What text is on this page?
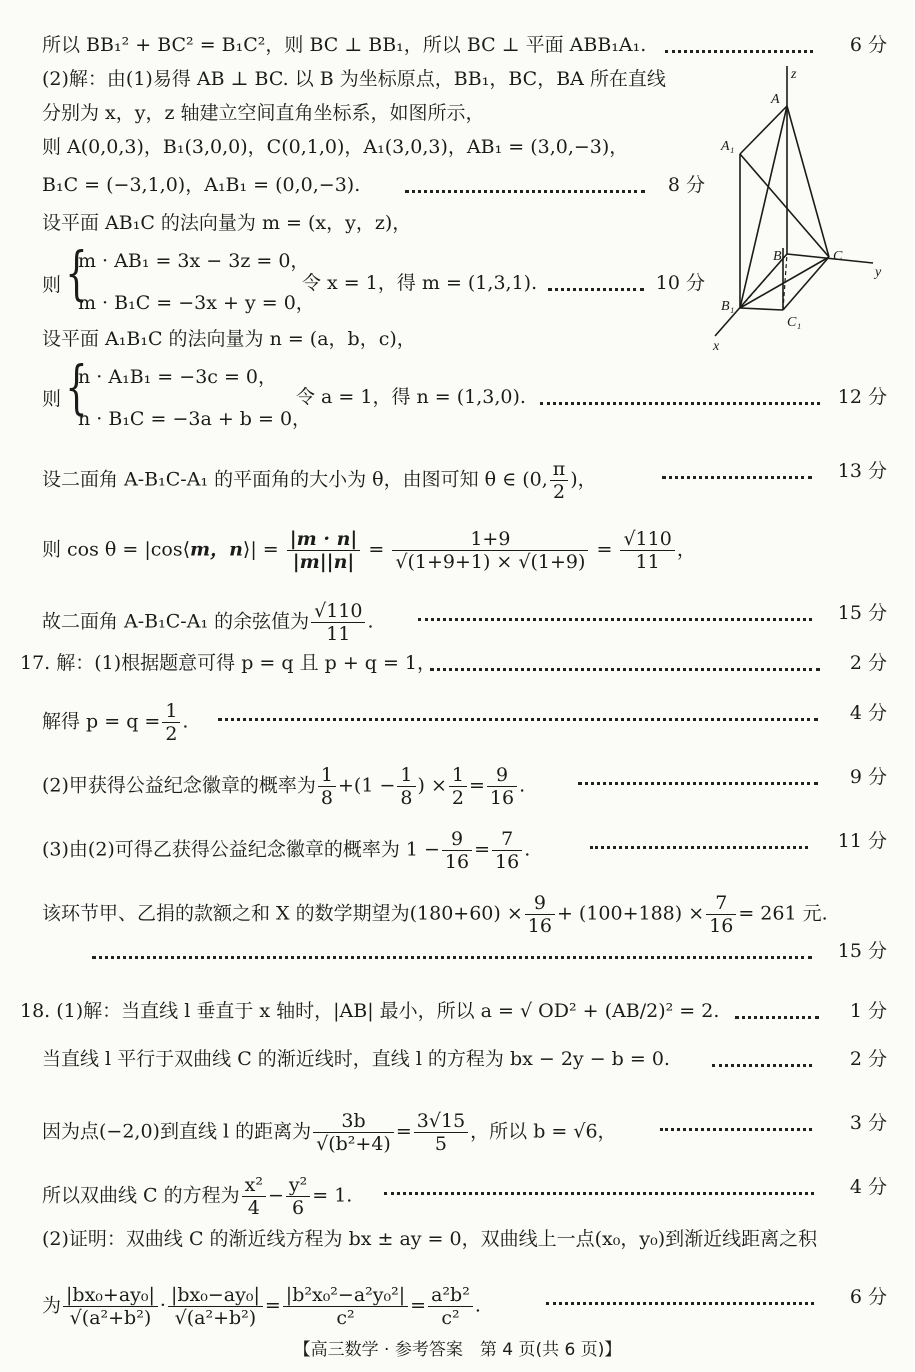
所以 BB₁² + BC² = B₁C²，则 BC ⊥ BB₁，所以 BC ⊥ 平面 ABB₁A₁.	6 分
(2)解：由(1)易得 AB ⊥ BC. 以 B 为坐标原点，BB₁，BC，BA 所在直线
分别为 x，y，z 轴建立空间直角坐标系，如图所示，
则 A(0,0,3)，B₁(3,0,0)，C(0,1,0)，A₁(3,0,3)，AB₁ = (3,0,−3)，
B₁C = (−3,1,0)，A₁B₁ = (0,0,−3).	8 分
设平面 AB₁C 的法向量为 m = (x，y，z)，
则 {
m · AB₁ = 3x − 3z = 0，
m · B₁C = −3x + y = 0，
令 x = 1，得 m = (1,3,1).	10 分
设平面 A₁B₁C 的法向量为 n = (a，b，c)，
则 {
n · A₁B₁ = −3c = 0，
n · B₁C = −3a + b = 0，
令 a = 1，得 n = (1,3,0).	12 分
设二面角 A-B₁C-A₁ 的平面角的大小为 θ，由图可知 θ ∈ (0, $\frac{\pi}{2}$ )，	13 分
则 cos θ = |cos⟨m，n⟩| = $\frac{|m \cdot n|}{|m||n|} = \frac{1+9}{√(1+9+1) \times √(1+9)} = \frac{√110}{11}$ ，
故二面角 A-B₁C-A₁ 的余弦值为 $\frac{√110}{11}$ .	15 分
17. 解：(1)根据题意可得 p = q 且 p + q = 1，	2 分
解得 $p = q = \frac{1}{2}$ .	4 分
(2)甲获得公益纪念徽章的概率为 $\frac{1}{8} +(1 - \frac{1}{8}$ ) × $\frac{1}{2} = \frac{9}{16}$ .	9 分
(3)由(2)可得乙获得公益纪念徽章的概率为 $1 - \frac{9}{16} = \frac{7}{16}$ .	11 分
该环节甲、乙捐的款额之和 X 的数学期望为$(180+60) \times \frac{9}{16} + (100+188) \times \frac{7}{16} = 261$ 元.
15 分
18. (1)解：当直线 l 垂直于 x 轴时，|AB| 最小，所以 a = √ OD² + (AB/2)² = 2.	1 分
当直线 l 平行于双曲线 C 的渐近线时，直线 l 的方程为 bx − 2y − b = 0.	2 分
因为点(−2,0)到直线 l 的距离为 $\frac{3b}{\text{√(b²+4)}} = \frac{3√15}{5}$ ，所以 b = √6，	3 分
所以双曲线 C 的方程为 $\frac{\text{x²}}{4} - \frac{\text{y²}}{6} = 1$.	4 分
(2)证明：双曲线 C 的渐近线方程为 bx ± ay = 0，双曲线上一点(x₀，y₀)到渐近线距离之积
为 $\frac{\text{|bx₀+ay₀|}}{\text{√(a²+b²)}} \cdot \frac{\text{|bx₀−ay₀|}}{\text{√(a²+b²)}} = \frac{\text{|b²x₀²−a²y₀²|}}{\text{c²}} = \frac{\text{a²b²}}{\text{c²}}$ .	6 分
z
A
A₁
B	C
y
B₁
C₁
x
【高三数学 · 参考答案　第 4 页(共 6 页)】
